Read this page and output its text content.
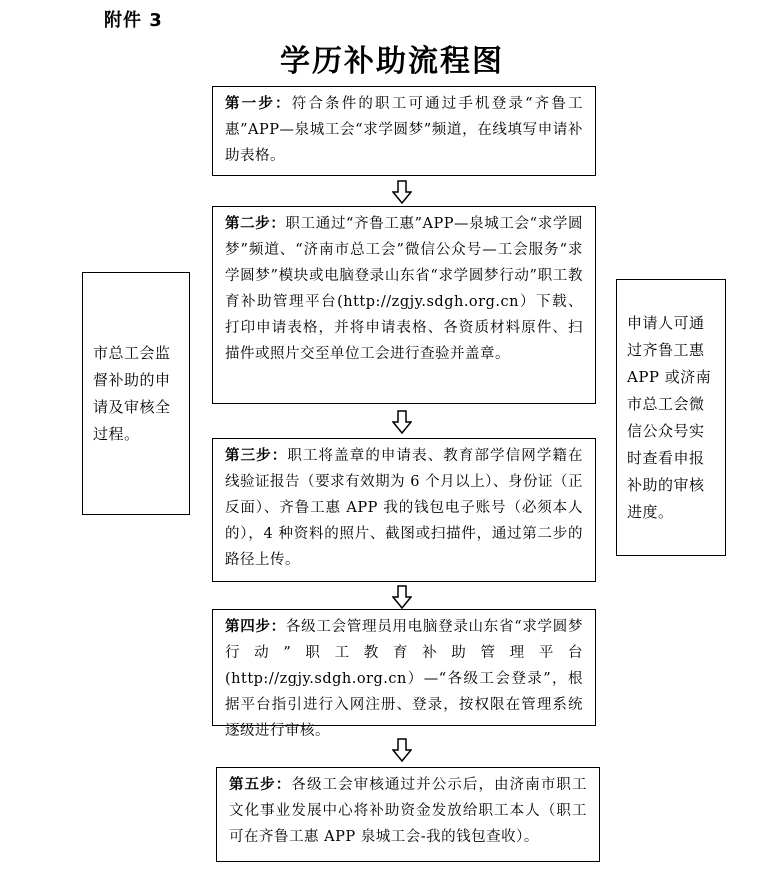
附件 3
学历补助流程图
市总工会监督补助的申请及审核全过程。
第一步：符合条件的职工可通过手机登录“齐鲁工惠”APP—泉城工会“求学圆梦”频道，在线填写申请补助表格。
第二步：职工通过“齐鲁工惠”APP—泉城工会“求学圆梦”频道、“济南市总工会”微信公众号—工会服务“求学圆梦”模块或电脑登录山东省“求学圆梦行动”职工教育补助管理平台(http://zgjy.sdgh.org.cn）下载、打印申请表格，并将申请表格、各资质材料原件、扫描件或照片交至单位工会进行查验并盖章。
第三步：职工将盖章的申请表、教育部学信网学籍在线验证报告（要求有效期为 6 个月以上）、身份证（正反面）、齐鲁工惠 APP 我的钱包电子账号（必须本人的），4 种资料的照片、截图或扫描件，通过第二步的路径上传。
第四步：各级工会管理员用电脑登录山东省“求学圆梦行动”职工教育补助管理平台(http://zgjy.sdgh.org.cn）—“各级工会登录”，根据平台指引进行入网注册、登录，按权限在管理系统逐级进行审核。
第五步：各级工会审核通过并公示后，由济南市职工文化事业发展中心将补助资金发放给职工本人（职工可在齐鲁工惠 APP 泉城工会-我的钱包查收）。
申请人可通过齐鲁工惠APP 或济南市总工会微信公众号实时查看申报补助的审核进度。
